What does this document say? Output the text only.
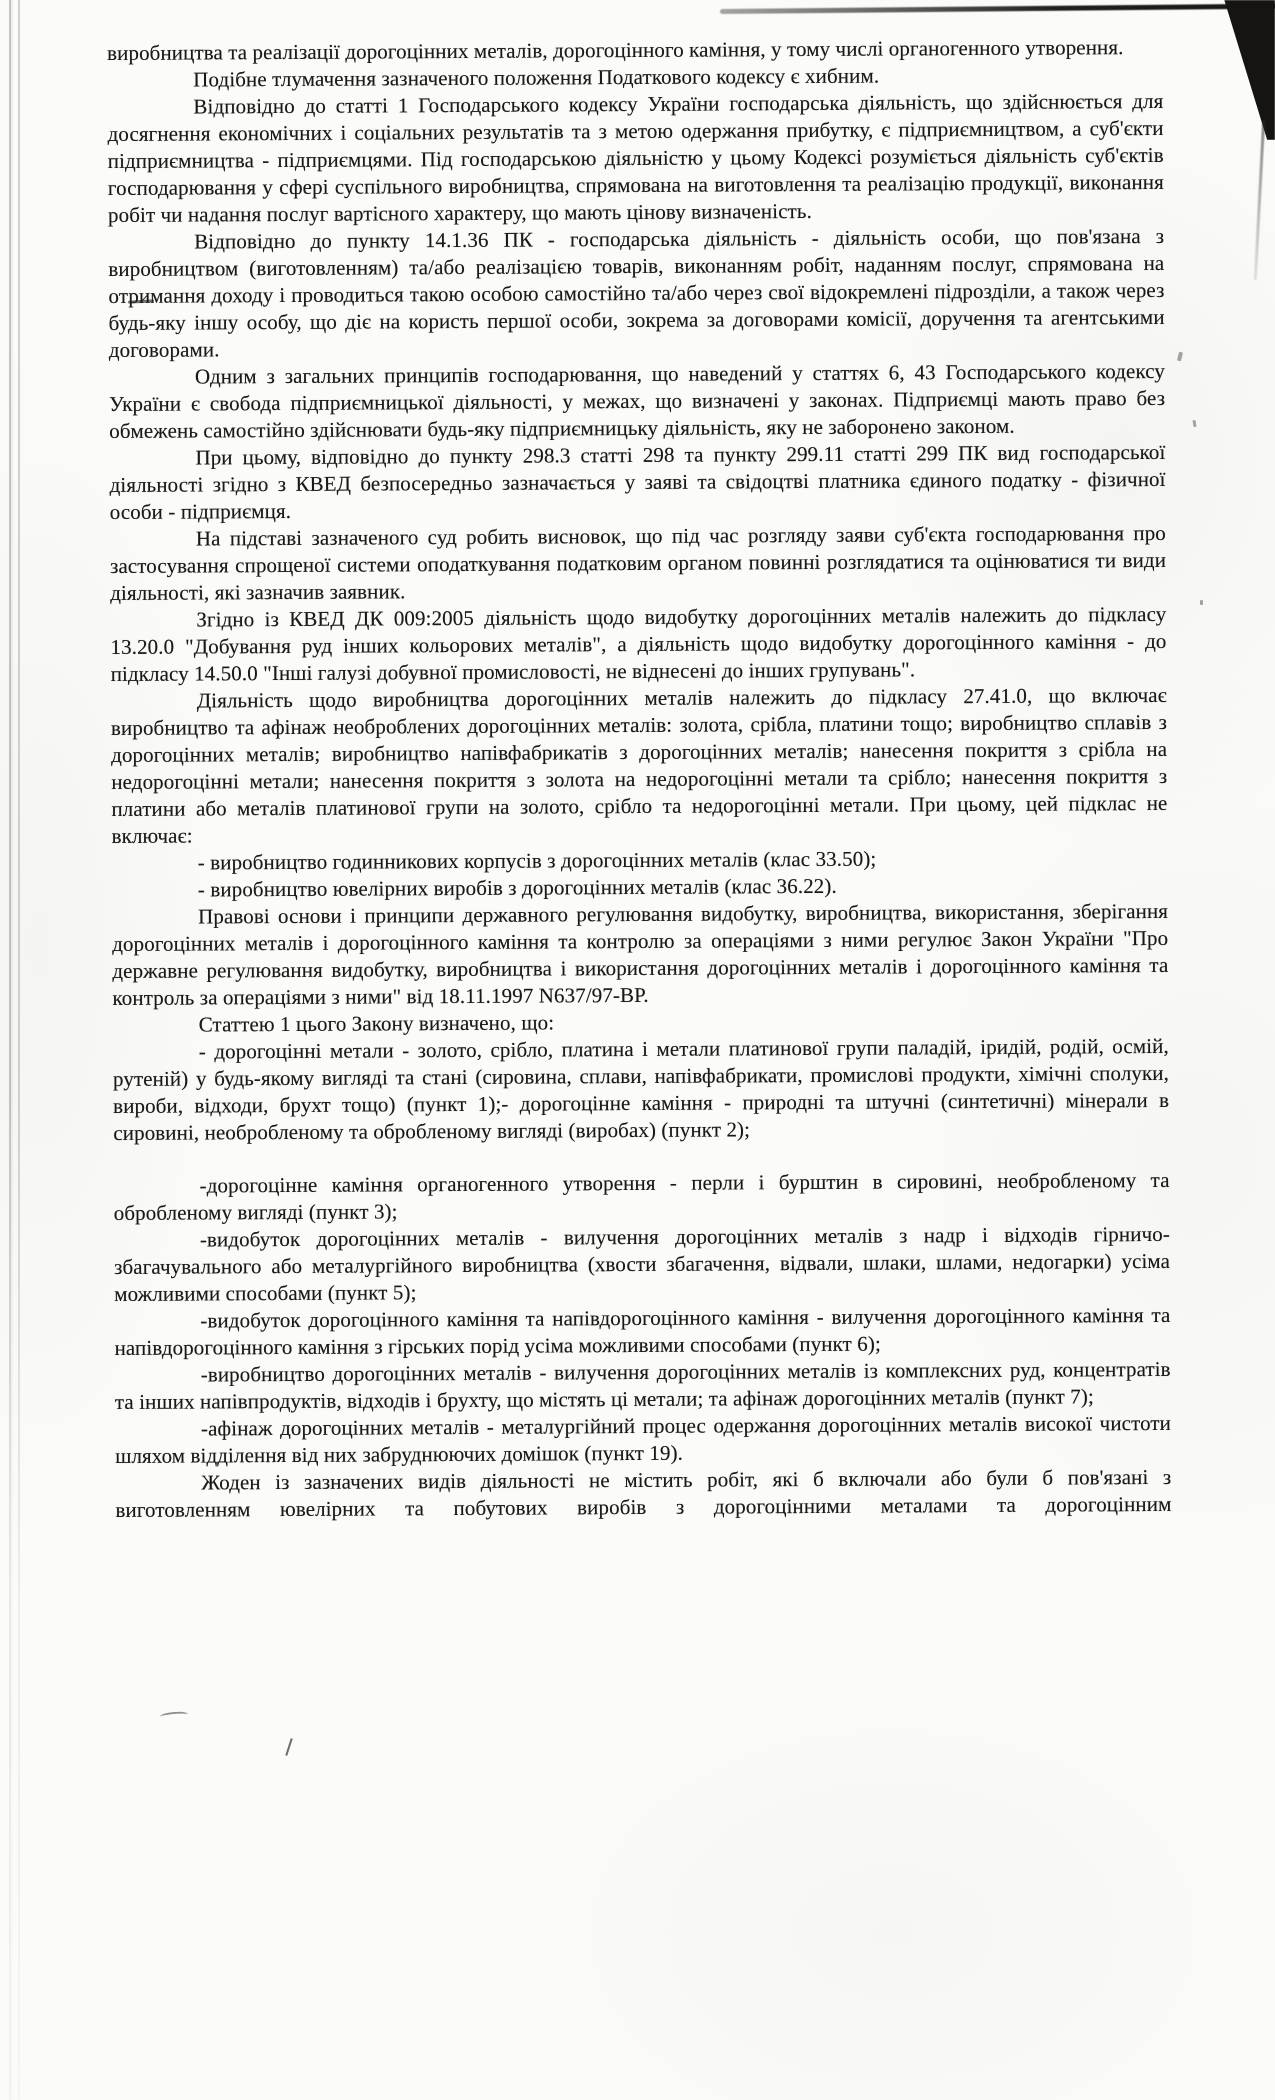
виробництва та реалізації дорогоцінних металів, дорогоцінного каміння, у тому числі органогенного утворення.

Подібне тлумачення зазначеного положення Податкового кодексу є хибним.

Відповідно до статті 1 Господарського кодексу України господарська діяльність, що здійснюється для досягнення економічних і соціальних результатів та з метою одержання прибутку, є підприємництвом, а суб'єкти підприємництва - підприємцями. Під господарською діяльністю у цьому Кодексі розуміється діяльність суб'єктів господарювання у сфері суспільного виробництва, спрямована на виготовлення та реалізацію продукції, виконання робіт чи надання послуг вартісного характеру, що мають цінову визначеність.

Відповідно до пункту 14.1.36 ПК - господарська діяльність - діяльність особи, що пов'язана з виробництвом (виготовленням) та/або реалізацією товарів, виконанням робіт, наданням послуг, спрямована на отримання доходу і проводиться такою особою самостійно та/або через свої відокремлені підрозділи, а також через будь-яку іншу особу, що діє на користь першої особи, зокрема за договорами комісії, доручення та агентськими договорами.

Одним з загальних принципів господарювання, що наведений у статтях 6, 43 Господарського кодексу України є свобода підприємницької діяльності, у межах, що визначені у законах. Підприємці мають право без обмежень самостійно здійснювати будь-яку підприємницьку діяльність, яку не заборонено законом.

При цьому, відповідно до пункту 298.3 статті 298 та пункту 299.11 статті 299 ПК вид господарської діяльності згідно з КВЕД безпосередньо зазначається у заяві та свідоцтві платника єдиного податку - фізичної особи - підприємця.

На підставі зазначеного суд робить висновок, що під час розгляду заяви суб'єкта господарювання про застосування спрощеної системи оподаткування податковим органом повинні розглядатися та оцінюватися ти види діяльності, які зазначив заявник.

Згідно із КВЕД ДК 009:2005 діяльність щодо видобутку дорогоцінних металів належить до підкласу 13.20.0 "Добування руд інших кольорових металів", а діяльність щодо видобутку дорогоцінного каміння - до підкласу 14.50.0 "Інші галузі добувної промисловості, не віднесені до інших групувань".

Діяльність щодо виробництва дорогоцінних металів належить до підкласу 27.41.0, що включає виробництво та афінаж необроблених дорогоцінних металів: золота, срібла, платини тощо; виробництво сплавів з дорогоцінних металів; виробництво напівфабрикатів з дорогоцінних металів; нанесення покриття з срібла на недорогоцінні метали; нанесення покриття з золота на недорогоцінні метали та срібло; нанесення покриття з платини або металів платинової групи на золото, срібло та недорогоцінні метали. При цьому, цей підклас не включає:

- виробництво годинникових корпусів з дорогоцінних металів (клас 33.50);

- виробництво ювелірних виробів з дорогоцінних металів (клас 36.22).

Правові основи і принципи державного регулювання видобутку, виробництва, використання, зберігання дорогоцінних металів і дорогоцінного каміння та контролю за операціями з ними регулює Закон України "Про державне регулювання видобутку, виробництва і використання дорогоцінних металів і дорогоцінного каміння та контроль за операціями з ними" від 18.11.1997 N637/97-ВР.

Статтею 1 цього Закону визначено, що:

- дорогоцінні метали - золото, срібло, платина і метали платинової групи паладій, іридій, родій, осмій, рутеній) у будь-якому вигляді та стані (сировина, сплави, напівфабрикати, промислові продукти, хімічні сполуки, вироби, відходи, брухт тощо) (пункт 1);- дорогоцінне каміння - природні та штучні (синтетичні) мінерали в сировині, необробленому та обробленому вигляді (виробах) (пункт 2);

-дорогоцінне каміння органогенного утворення - перли і бурштин в сировині, необробленому та обробленому вигляді (пункт 3);

-видобуток дорогоцінних металів - вилучення дорогоцінних металів з надр і відходів гірничо-збагачувального або металургійного виробництва (хвости збагачення, відвали, шлаки, шлами, недогарки) усіма можливими способами (пункт 5);

-видобуток дорогоцінного каміння та напівдорогоцінного каміння - вилучення дорогоцінного каміння та напівдорогоцінного каміння з гірських порід усіма можливими способами (пункт 6);

-виробництво дорогоцінних металів - вилучення дорогоцінних металів із комплексних руд, концентратів та інших напівпродуктів, відходів і брухту, що містять ці метали; та афінаж дорогоцінних металів (пункт 7);

-афінаж дорогоцінних металів - металургійний процес одержання дорогоцінних металів високої чистоти шляхом відділення від них забруднюючих домішок (пункт 19).

Жоден із зазначених видів діяльності не містить робіт, які б включали або були б пов'язані з виготовленням ювелірних та побутових виробів з дорогоцінними металами та дорогоцінним
